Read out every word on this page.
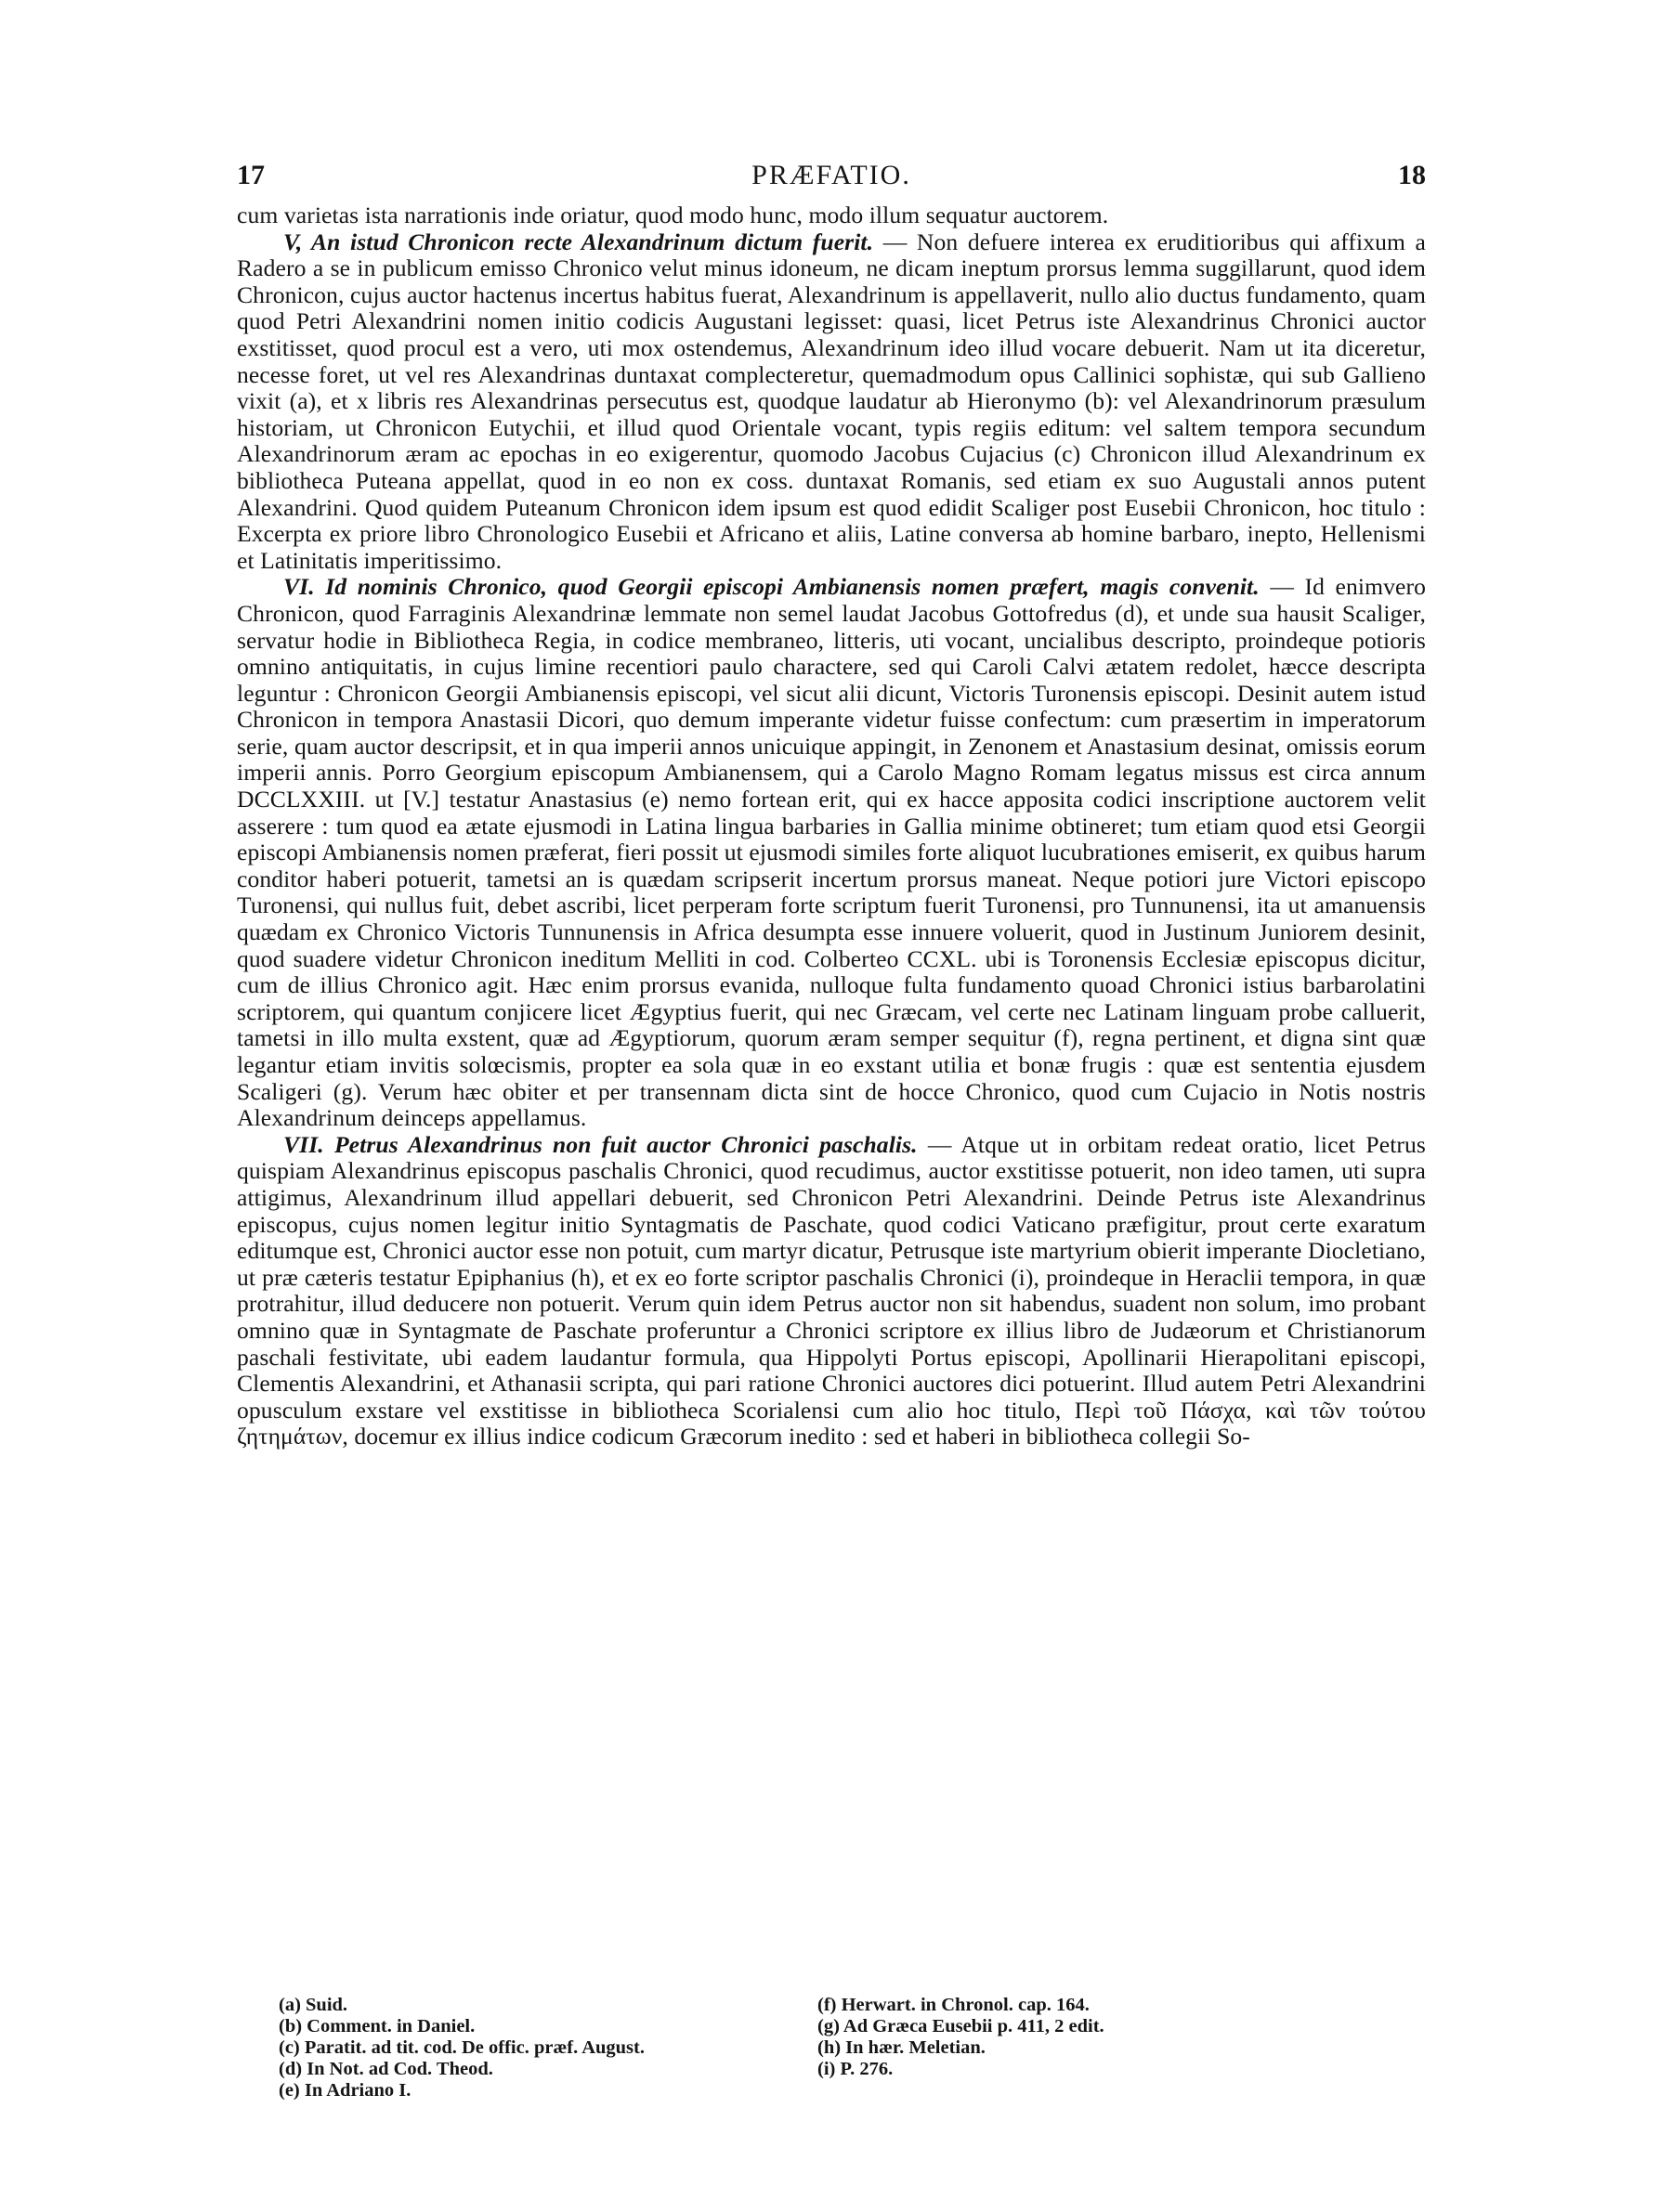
17	PRÆFATIO.	18

cum varietas ista narrationis inde oriatur, quod modo hunc, modo illum sequatur auctorem.

V, An istud Chronicon recte Alexandrinum dictum fuerit. — Non defuere interea ex eruditioribus qui affixum a Radero a se in publicum emisso Chronico velut minus idoneum, ne dicam ineptum prorsus lemma suggillarunt, quod idem Chronicon, cujus auctor hactenus incertus habitus fuerat, Alexandrinum is appellaverit, nullo alio ductus fundamento, quam quod Petri Alexandrini nomen initio codicis Augustani legisset: quasi, licet Petrus iste Alexandrinus Chronici auctor exstitisset, quod procul est a vero, uti mox ostendemus, Alexandrinum ideo illud vocare debuerit. Nam ut ita diceretur, necesse foret, ut vel res Alexandrinas duntaxat complecteretur, quemadmodum opus Callinici sophistæ, qui sub Gallieno vixit (a), et x libris res Alexandrinas persecutus est, quodque laudatur ab Hieronymo (b): vel Alexandrinorum præsulum historiam, ut Chronicon Eutychii, et illud quod Orientale vocant, typis regiis editum: vel saltem tempora secundum Alexandrinorum æram ac epochas in eo exigerentur, quomodo Jacobus Cujacius (c) Chronicon illud Alexandrinum ex bibliotheca Puteana appellat, quod in eo non ex coss. duntaxat Romanis, sed etiam ex suo Augustali annos putent Alexandrini. Quod quidem Puteanum Chronicon idem ipsum est quod edidit Scaliger post Eusebii Chronicon, hoc titulo : Excerpta ex priore libro Chronologico Eusebii et Africano et aliis, Latine conversa ab homine barbaro, inepto, Hellenismi et Latinitatis imperitissimo.

VI. Id nominis Chronico, quod Georgii episcopi Ambianensis nomen præfert, magis convenit. — Id enimvero Chronicon, quod Farraginis Alexandrinæ lemmate non semel laudat Jacobus Gottofredus (d), et unde sua hausit Scaliger, servatur hodie in Bibliotheca Regia, in codice membraneo, litteris, uti vocant, uncialibus descripto, proindeque potioris omnino antiquitatis, in cujus limine recentiori paulo charactere, sed qui Caroli Calvi ætatem redolet, hæcce descripta leguntur : Chronicon Georgii Ambianensis episcopi, vel sicut alii dicunt, Victoris Turonensis episcopi. Desinit autem istud Chronicon in tempora Anastasii Dicori, quo demum imperante videtur fuisse confectum: cum præsertim in imperatorum serie, quam auctor descripsit, et in qua imperii annos unicuique appingit, in Zenonem et Anastasium desinat, omissis eorum imperii annis. Porro Georgium episcopum Ambianensem, qui a Carolo Magno Romam legatus missus est circa annum DCCLXXIII. ut [V.] testatur Anastasius (e) nemo fortean erit, qui ex hacce apposita codici inscriptione auctorem velit asserere : tum quod ea ætate ejusmodi in Latina lingua barbaries in Gallia minime obtineret; tum etiam quod etsi Georgii episcopi Ambianensis nomen præferat, fieri possit ut ejusmodi similes forte aliquot lucubrationes emiserit, ex quibus harum conditor haberi potuerit, tametsi an is quædam scripserit incertum prorsus maneat. Neque potiori jure Victori episcopo Turonensi, qui nullus fuit, debet ascribi, licet perperam forte scriptum fuerit Turonensi, pro Tunnunensi, ita ut amanuensis quædam ex Chronico Victoris Tunnunensis in Africa desumpta esse innuere voluerit, quod in Justinum Juniorem desinit, quod suadere videtur Chronicon ineditum Melliti in cod. Colberteo CCXL. ubi is Toronensis Ecclesiæ episcopus dicitur, cum de illius Chronico agit. Hæc enim prorsus evanida, nulloque fulta fundamento quoad Chronici istius barbarolatini scriptorem, qui quantum conjicere licet Ægyptius fuerit, qui nec Græcam, vel certe nec Latinam linguam probe calluerit, tametsi in illo multa exstent, quæ ad Ægyptiorum, quorum æram semper sequitur (f), regna pertinent, et digna sint quæ legantur etiam invitis solœcismis, propter ea sola quæ in eo exstant utilia et bonæ frugis : quæ est sententia ejusdem Scaligeri (g). Verum hæc obiter et per transennam dicta sint de hocce Chronico, quod cum Cujacio in Notis nostris Alexandrinum deinceps appellamus.

VII. Petrus Alexandrinus non fuit auctor Chronici paschalis. — Atque ut in orbitam redeat oratio, licet Petrus quispiam Alexandrinus episcopus paschalis Chronici, quod recudimus, auctor exstitisse potuerit, non ideo tamen, uti supra attigimus, Alexandrinum illud appellari debuerit, sed Chronicon Petri Alexandrini. Deinde Petrus iste Alexandrinus episcopus, cujus nomen legitur initio Syntagmatis de Paschate, quod codici Vaticano præfigitur, prout certe exaratum editumque est, Chronici auctor esse non potuit, cum martyr dicatur, Petrusque iste martyrium obierit imperante Diocletiano, ut præ cæteris testatur Epiphanius (h), et ex eo forte scriptor paschalis Chronici (i), proindeque in Heraclii tempora, in quæ protrahitur, illud deducere non potuerit. Verum quin idem Petrus auctor non sit habendus, suadent non solum, imo probant omnino quæ in Syntagmate de Paschate proferuntur a Chronici scriptore ex illius libro de Judæorum et Christianorum paschali festivitate, ubi eadem laudantur formula, qua Hippolyti Portus episcopi, Apollinarii Hierapolitani episcopi, Clementis Alexandrini, et Athanasii scripta, qui pari ratione Chronici auctores dici potuerint. Illud autem Petri Alexandrini opusculum exstare vel exstitisse in bibliotheca Scorialensi cum alio hoc titulo, Περὶ τοῦ Πάσχα, καὶ τῶν τούτου ζητημάτων, docemur ex illius indice codicum Græcorum inedito : sed et haberi in bibliotheca collegii So-

(a) Suid.
(b) Comment. in Daniel.
(c) Paratit. ad tit. cod. De offic. præf. August.
(d) In Not. ad Cod. Theod.
(e) In Adriano I.
(f) Herwart. in Chronol. cap. 164.
(g) Ad Græca Eusebii p. 411, 2 edit.
(h) In hær. Meletian.
(i) P. 276.
